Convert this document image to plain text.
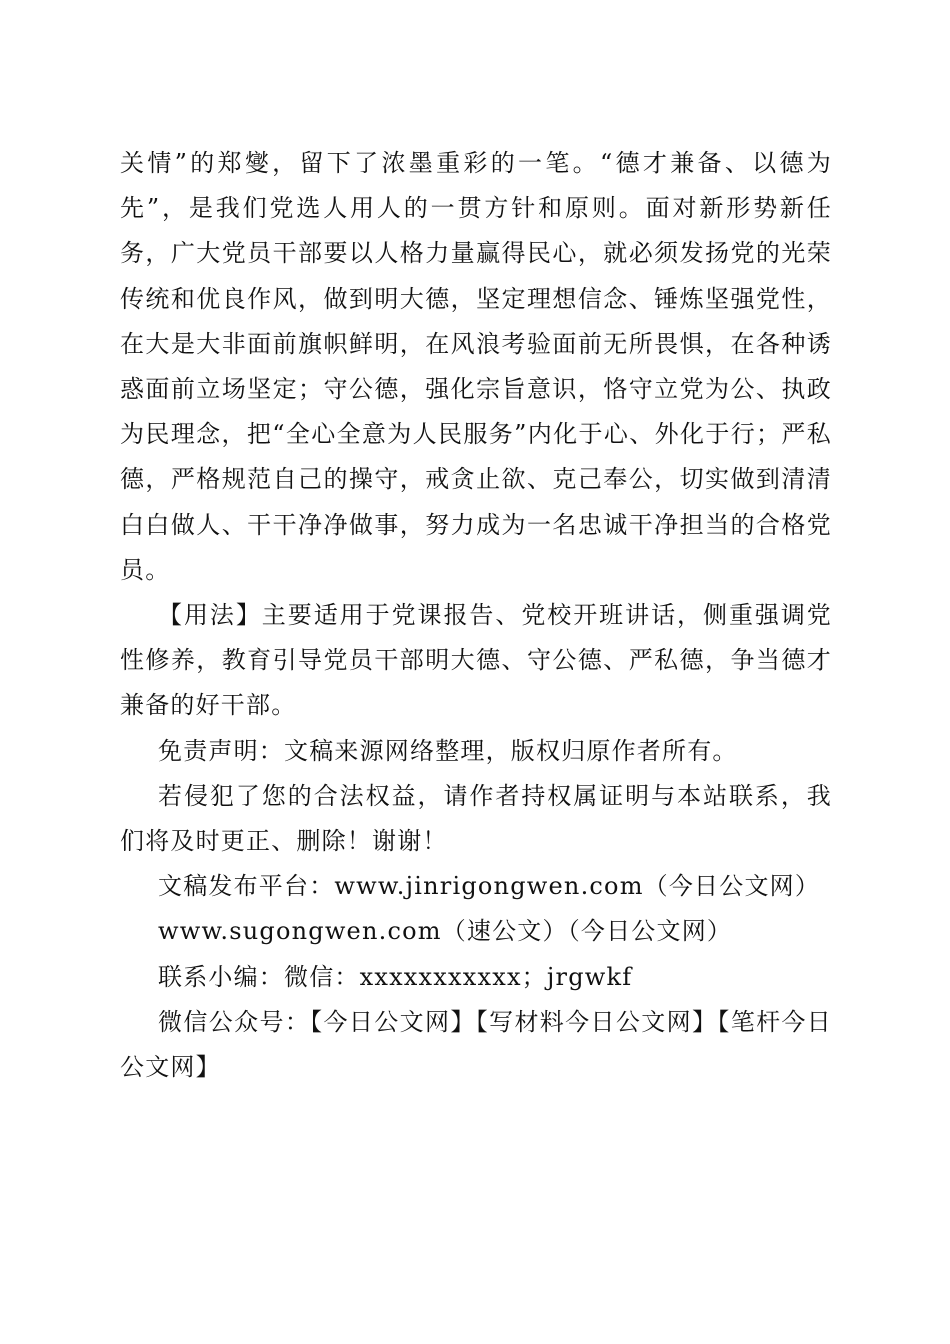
关情”的郑燮，留下了浓墨重彩的一笔。“德才兼备、以德为先”，是我们党选人用人的一贯方针和原则。面对新形势新任务，广大党员干部要以人格力量赢得民心，就必须发扬党的光荣传统和优良作风，做到明大德，坚定理想信念、锤炼坚强党性，在大是大非面前旗帜鲜明，在风浪考验面前无所畏惧，在各种诱惑面前立场坚定；守公德，强化宗旨意识，恪守立党为公、执政为民理念，把“全心全意为人民服务”内化于心、外化于行；严私德，严格规范自己的操守，戒贪止欲、克己奉公，切实做到清清白白做人、干干净净做事，努力成为一名忠诚干净担当的合格党员。

【用法】主要适用于党课报告、党校开班讲话，侧重强调党性修养，教育引导党员干部明大德、守公德、严私德，争当德才兼备的好干部。

免责声明：文稿来源网络整理，版权归原作者所有。

若侵犯了您的合法权益，请作者持权属证明与本站联系，我们将及时更正、删除！谢谢！

文稿发布平台：www.jinrigongwen.com（今日公文网）

www.sugongwen.com（速公文）（今日公文网）

联系小编：微信：xxxxxxxxxxx；jrgwkf

微信公众号：【今日公文网】【写材料今日公文网】【笔杆今日公文网】
